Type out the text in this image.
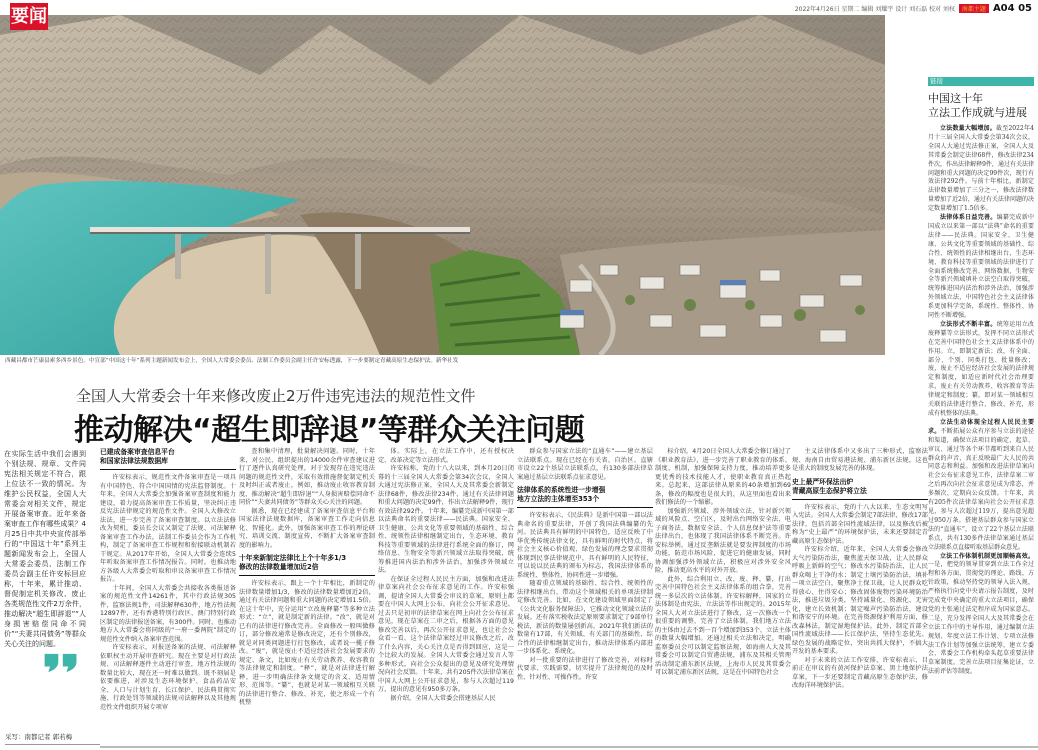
要闻	2022年4月26日 星期二 编辑 刘耀宇 设计 刘石磊 校对 刘权	南都主题 A04 05
西藏昌都市芒康县索多西乡景色。中宣部“中国这十年”系列主题新闻发布会上，全国人大常委会委员、法制工作委员会副主任许安标透露，下一步要制定青藏高原生态保护法。新华社发
全国人大常委会十年来修改废止2万件违宪违法的规范性文件
推动解决“超生即辞退”等群众关注问题
在实际生活中我们会遇到个别法规、规章、文件同宪法相关规定不符合，跟上位法不一致的情况。为维护公民权益，全国人大常委会对相关文件，规定开展备案审查。近年来备案审查工作有哪些成果？4月25日中共中央宣传部举行的“中国这十年”系列主题新闻发布会上，全国人大常委会委员、法制工作委员会副主任许安标回应称，十年来，累计推动、督促制定机关修改、废止各类规范性文件2万余件，推动解决“超生即辞退”“人身损害赔偿同命不同价”“夫妻共同债务”等群众关心关注的问题。
采写：南都记者 郭若梅
已建成备案审查信息平台
和国家法律法规数据库

许安标表示，规范性文件备案审查是一项具有中国特色、符合中国国情的宪法监督制度。十年来，全国人大常委会加强备案审查制度和能力建设，着力提高备案审查工作质量，坚决纠正违反宪法法律规定的规范性文件。全国人大修改立法法，进一步完善了备案审查制度。以立法法修改为契机，委员长会议又制定了法规、司法解释备案审查工作办法，法制工作委员会作为工作机构，制定了备案审查工作规程和衔接联动机制若干规定。从2017年开始，全国人大常委会连续5年听取备案审查工作情况报告。同时，也推动地方各级人大常委会听取和审议备案审查工作情况报告。

十年间，全国人大常委会共接收各类报送备案的规范性文件14261件，其中行政法规305件，监察法规1件，司法解释630件，地方性法规12897件，还有香港特别行政区、澳门特别行政区制定的法律报送备案，有300件。同时，也推动地方人大常委会将同级的“一府一委两院”制定的规范性文件纳入备案审查范围。

许安标表示，对报送备案的法规、司法解释依职权主动开展审查研究。现在主要是对行政法规、司法解释逐件主动进行审查，地方性法规的数量比较大，现在还一时难以做到。既不刻届是依要推进，对涉及生态环境保护、食品药品安全、人口与计划生育、长江保护、民法典贯彻实施、行政处罚等领域的法规司法解释以及其他规范性文件组织开展专项审

查和集中清理，批量解决问题。同时，十年来，对公民、组织提出的14000余件审查建议进行了逐件认真研究处理，对于发现存在违宪违法问题的规范性文件，采取有效措施督促制定机关及时纠正或者废止，例如，推动废止收容教育制度，推动解决“超生即辞退”“人身损害赔偿同命不同价”“夫妻共同债务”等群众关心关注的问题。

据悉，现在已经建成了备案审查信息平台和国家法律法规数据库，备案审查工作走向信息化、智能化。此外，加强备案审查工作的理论研究、培训交流、制度宣传，不断扩大备案审查制度的影响力。

十年来新制定法律比上个十年多1/3
修改的法律数量增加近2倍

许安标表示，跟上一个十年相比，新制定的法律数量增加1/3，修改的法律数量增加近2倍，通过有关法律问题和重大问题的决定增加1.5倍。在这十年中，充分运用“立改废释纂”等多种立法形式：“立”，就是制定新的法律。“改”，就是对已有的法律进行修改完善。全面修改一般叫做修订，部分修改通常是修改决定，还有个别修改，就是对同类问题进行打包修改，或者说一揽子修改。“废”，就是废止不适应经济社会发展要求的规定、条文，比如废止有关劳动教养、收容教育等法律规定和制度。“释”，就是对法律进行解释，进一步明确法律条文规定的含义、适用情形、范围等。“纂”，也就是对某一领域相互关联的法律进行整合、修改、补充，使之形成一个有机整

体。实际上，在立法工作中，还有授权决定、改革决定等立法形式。

许安标称，党的十八大以来，到本月20日闭幕的十三届全国人大常委会第34次会议，全国人大通过宪法修正案，全国人大及其常委会新制定法律68件，修改法律234件，通过有关法律问题和重大问题的决定99件，作出立法解释9件，现行有效法律292件。十年来，编纂完成新中国第一部以法典命名的重要法律——民法典。国家安全、卫生健康、公共文化等重要领域的基础性、综合性、统领性法律相继制定出台，生态环境、教育科技等重要领域的法律进行系统全面的修订，网络信息、生物安全等新兴领域立法取得突破，统筹推进国内法治和涉外法治，加强涉外领域立法。

在保证全过程人民民主方面，加强和改进法律草案向社会公布征求意见的工作。许安标强调，提请全国人大常委会审议的草案，原则上都要在中国人大网上公布，向社会公开征求意见。过去只是初审的法律草案在网上向社会公布征求意见，现在草案在二审之后，根据各方面的意见修改完善以后，再次公开征求意见，也让社会公众看一看，这个法律草案经过审议修改之后，改了什么内容，关心关注点是否得到回应，这是一个比较大的发展。全国人大常委会通过发言人等多种形式，向社会公众提出的意见及研究处理情况向社会反馈。十年来，共有205件次法律草案在中国人大网上公开征求意见，参与人次超过119万，提出的意见有950多万条。

据介绍，全国人大常委会搭建基层人民

群众参与国家立法的“直通车”——建立基层立法联系点。现在已经在有关省、自治区、直辖市设立22个基层立法联系点，有130多部法律草案通过基层立法联系点征求意见。

法律体系的系统性进一步增强
地方立法的主体增至353个

许安标表示，《民法典》是新中国第一部以法典命名的重要法律，开创了我国法典编纂的先河。民法典具有鲜明的中国特色，适应反映了中华优秀传统法律文化，具有鲜明的时代特点，将社会主义核心价值观、绿色发展的理念要求贯彻体现到民事法律规范中，具有鲜明的人民特征，可以说以民法典的颁布为标志，我国法律体系的系统性、整体性、协同性进一步增强。

随着重点领域的基础性、综合性、统领性的法律相继出台，带动这个领域相关的单项法律制定修改完善。比如，在文化建设领域里面制定了《公共文化服务保障法》，它推动文化领域立法的发展。还有落实税收法定原则要求制定了9部单行税法，新法的数量屡创新高，2021年我们新法的数量有17部，有关领域、有关部门的基础性、综合性的法律相继制定出台，推动法律体系内部进一步体系化、系统化。

对一批重要的法律进行了修改完善，对标时代要求、实践需要，切实提升了法律规范的及时性、针对性、可操作性。许安

标介绍，4月20日全国人大常委会修订通过了《职业教育法》，进一步完善了职业教育的体系、制度、机制，加强保障支持力度，推动培养更多更优秀的技术技能人才，使职业教育真正热起来。总起来，这部法律从原来的40条增加到69条，修改的幅度也是很大的，从这里面也看出来我们修法的一个缩影。

加强新兴领域、涉外领域立法，针对新兴领域的风险点、空白区，及时出台网络安全法、电子商务法、数据安全法、个人信息保护法等重要法律出台，也体现了我国法律体系不断完善。许安标举例，通过反垄断法就是要发挥制度的市场功能，防范市场风险，促进它的健康发展，同时协调加强涉外领域立法，积极应对涉外安全风险，推动更高水平的对外开放。

此外，综合利用立、改、废、释、纂，打出完善中国特色社会主义法律体系的组合拳，完善统一多层次的立法体制。许安标解释，国家的立法体制是由宪法、立法法等作出规定的。2015年全国人大对立法法进行了修改，这一次修改一个很重要的调整，完善了立法体制，我们地方立法的主体由过去不到一百个增加到353个，立法主体的数量大幅增加。还通过相关立法和决定，明确监察委员会可以制定监察法规，如海南人大及其常委会可以制定自贸港法规，浦东及其相关管理活动制定浦东新区法规，上海市人民及其常委会可以制定浦东新区法规，这是在中国特色社会

主义法律体系中又多出了三种形式，监察法规、海南自由贸易港法规、浦东新区法规，这也是重大的制度发展完善的体现。

史上最严环保法出炉
青藏高原生态保护将立法

许安标表示，党的十八大以来，生态文明写入宪法。全国人大常委会制定7部法律，修改17部法律，包括首部全国性流域法律，以及修改后被称为“史上最严”的环境保护法，未来还要制定青藏高原生态保护法。

许安标介绍，近年来，全国人大常委会修改大气污染防治法，聚焦蓝天保卫战，让人民群众呼吸上新鲜的空气；修改水污染防治法，让人民群众喝上干净的水；制定土壤污染防治法，填补一项立法空白，聚焦净土保卫战，让人民群众吃得放心、住得安心；修改固体废物污染环境防治法，推进垃圾分类，坚持减量化、资源化、无害化，建立长效机制；制定噪声污染防治法，建设和谐安宁的环境。在完善资源保护利用方面，修改森林法，制定湿地保护法。此外，制定首部全国性流域法律——长江保护法，坚持生态优先、绿色发展的战略定位，突出共抓大保护，不搞大开发的基本要求。

对于未来的立法工作安排，许安标表示，目前正在审议的有黄河保护法草案、黑土地保护法草案，下一步还要制定青藏高原生态保护法，修改海洋环境保护法。

链接
中国这十年
立法工作成就与进展

立法数量大幅增加。截至2022年4月十三届全国人大常委会第34次会议，全国人大通过宪法修正案，全国人大及其常委会制定法律68件，修改法律234件次，作出法律解释9件，通过有关法律问题和重大问题的决定99件次，现行有效法律292件。与前十年相比，新制定法律数量增加了三分之一，修改法律数量增加了近2倍，通过有关法律问题的决定数量增加了1.5倍多。

法律体系日益完善。编纂完成新中国成立以来第一部以“法典”命名的重要法律——民法典。国家安全、卫生健康、公共文化等重要领域的基础性、综合性、统领性的法律相继出台，生态环境、教育科技等重要领域的法律进行了全面系统修改完善，网络数据、生物安全等新兴领域填补立法空白取得突破，统筹推进国内法治和涉外法治，加强涉外领域立法，中国特色社会主义法律体系更加科学完备，系统性、整体性、协同性不断增强。

立法形式不断丰富。统筹运用立改废释纂等立法形式，发挥不同立法形式在完善中国特色社会主义法律体系中的作用。立，即制定新法；改，有全面、部分、个别、同类打包、批量修改；废，废止不适应经济社会发展的法律规定和制度，如适应新时代社会治理要求，废止有关劳动教养、收容教育等法律规定和制度；纂，即对某一领域相互关联的法律进行整合、修改、补充，形成有机整体的法典。

立法生动体现全过程人民民主要求。不断拓展公众有序参与立法的途径和渠道，确保立法项目的确定，起草、审议、通过等各个环节都听到来自人民群众的声音，真正反映最广大人民的共同意志和利益。加强和改进法律草案向社会公布征求意见工作，法律草案二审之后再次向社会征求意见成为常态，并多频次、定期向公众反馈。十年来，共有205件次法律草案向社会公开征求意见，参与人次超过119万，提出意见超过950万条。搭建基层群众参与国家立法的“直通车”，设立了22个基层立法联系点，共有130多件法律草案通过基层立法联系点直接听取基层群众意见。

立法工作体制机制更加顺畅高效。一是，把党的领导贯穿到立法工作全过程和各方面，贯彻党的理论、路线、方针政策，推动坚持党的领导入法入规，严格执行向党中央请示报告制度，及时完成党中央确定的重大立法项目，确保党的主张通过法定程序成为国家意志。二是，充分发挥全国人大及其常委会在立法工作中的主导作用，通过编制立法规划、年度立法工作计划、专项立法修法工作计划等加强立法统筹，建立专委会、常委会工作机构牵头起草重要法律草案制度，完善立法项目征集论证，立法前评估等制度。
